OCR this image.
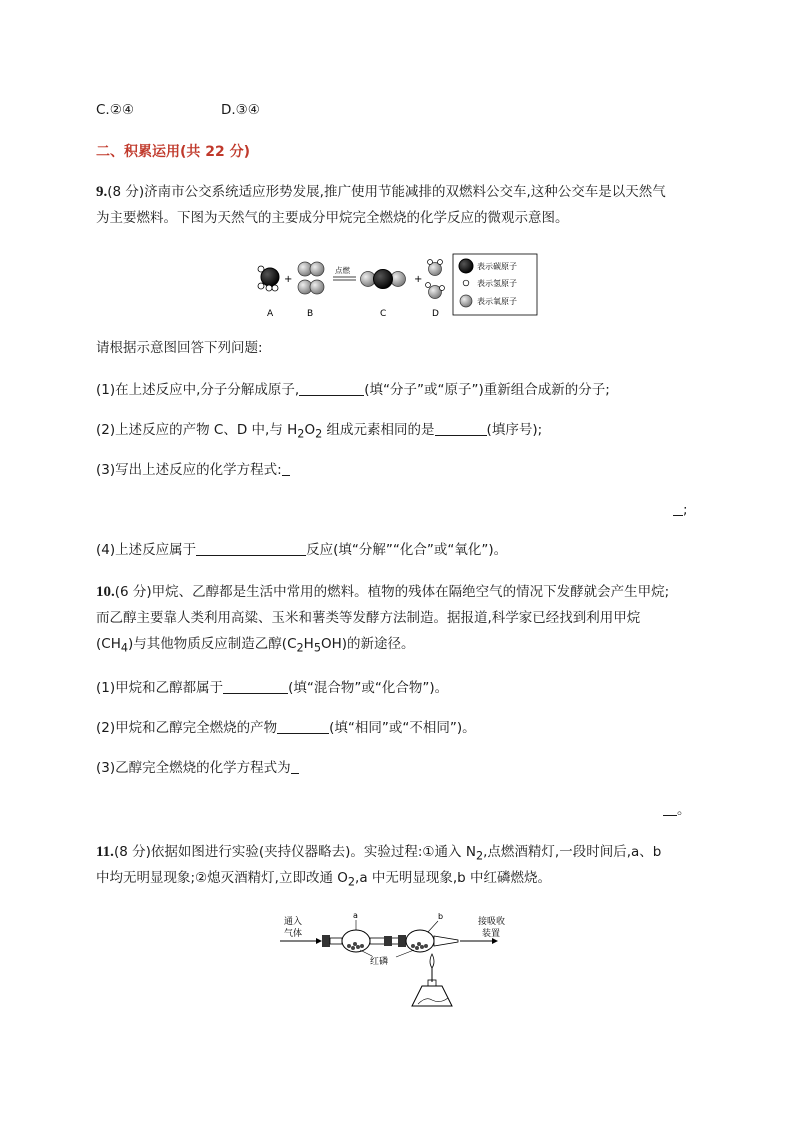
C.②④	D.③④
二、积累运用(共 22 分)
9.(8 分)济南市公交系统适应形势发展,推广使用节能减排的双燃料公交车,这种公交车是以天然气
为主要燃料。下图为天然气的主要成分甲烷完全燃烧的化学反应的微观示意图。
+
点燃
+
A	B	C	D
表示碳原子
表示氢原子
表示氧原子
请根据示意图回答下列问题:
(1)在上述反应中,分子分解成原子,	(填“分子”或“原子”)重新组合成新的分子;
(2)上述反应的产物 C、D 中,与 $H_2O_2$ 组成元素相同的是	(填序号);
(3)写出上述反应的化学方程式:
;
(4)上述反应属于	反应(填“分解”“化合”或“氧化”)。
10.(6 分)甲烷、乙醇都是生活中常用的燃料。植物的残体在隔绝空气的情况下发酵就会产生甲烷;
而乙醇主要靠人类利用高粱、玉米和薯类等发酵方法制造。据报道,科学家已经找到利用甲烷
$(CH_4)$与其他物质反应制造乙醇$(C_2H_5OH)$的新途径。
(1)甲烷和乙醇都属于	(填“混合物”或“化合物”)。
(2)甲烷和乙醇完全燃烧的产物	(填“相同”或“不相同”)。
(3)乙醇完全燃烧的化学方程式为
。
11.(8 分)依据如图进行实验(夹持仪器略去)。实验过程:①通入 $N_2$,点燃酒精灯,一段时间后,a、b
中均无明显现象;②熄灭酒精灯,立即改通 $O_2,a$ 中无明显现象,b 中红磷燃烧。
通入
气体
a	b
接吸收
装置
红磷
